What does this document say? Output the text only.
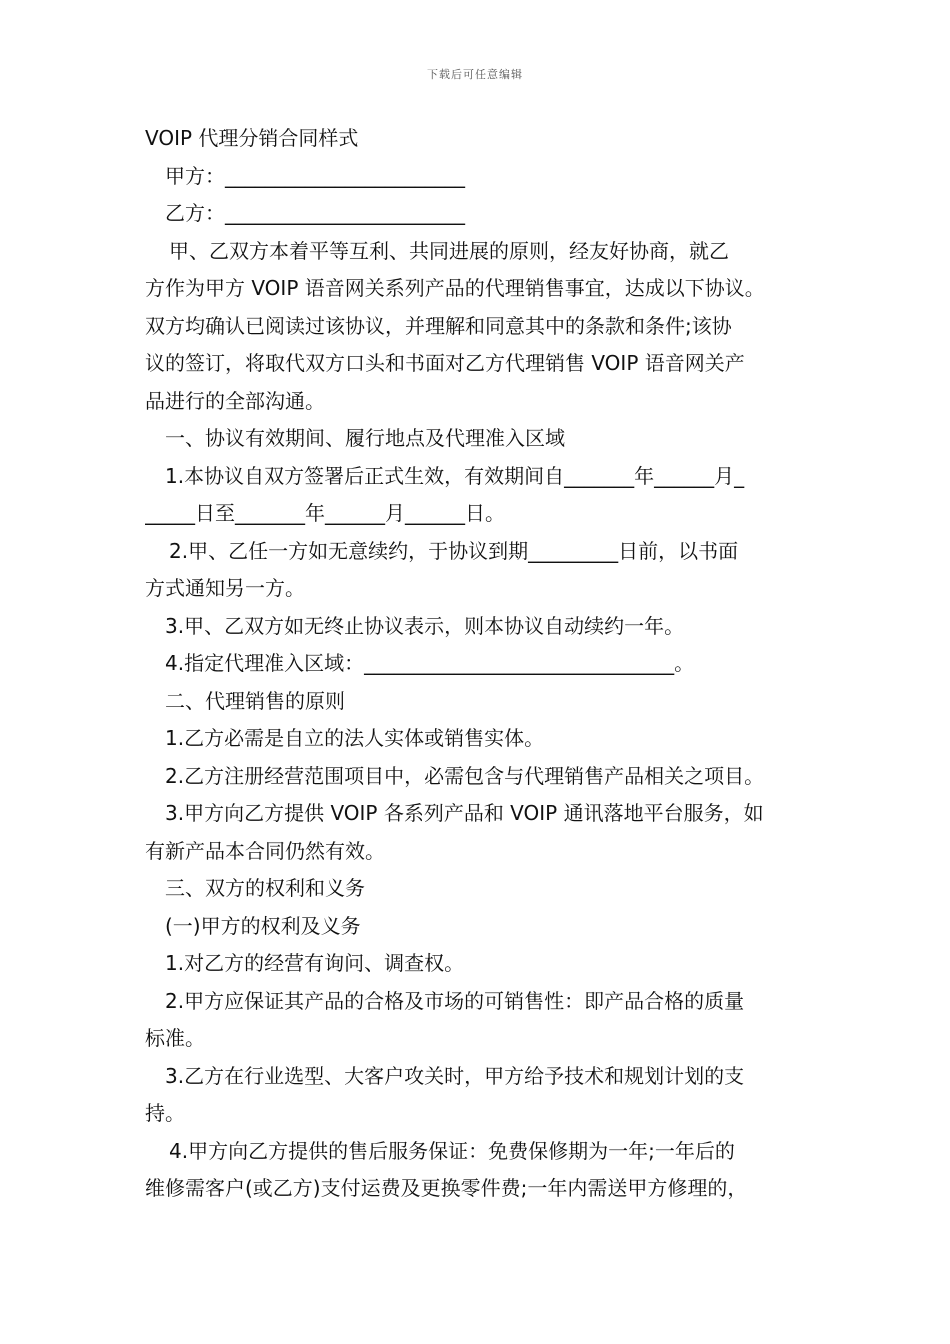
下载后可任意编辑
VOIP 代理分销合同样式
甲方：________________________
乙方：________________________
甲、乙双方本着平等互利、共同进展的原则，经友好协商，就乙
方作为甲方 VOIP 语音网关系列产品的代理销售事宜，达成以下协议。
双方均确认已阅读过该协议，并理解和同意其中的条款和条件;该协
议的签订，将取代双方口头和书面对乙方代理销售 VOIP 语音网关产
品进行的全部沟通。
一、协议有效期间、履行地点及代理准入区域
1.本协议自双方签署后正式生效，有效期间自_______年______月_
_____日至_______年______月______日。
2.甲、乙任一方如无意续约，于协议到期_________日前，以书面
方式通知另一方。
3.甲、乙双方如无终止协议表示，则本协议自动续约一年。
4.指定代理准入区域：_______________________________。
二、代理销售的原则
1.乙方必需是自立的法人实体或销售实体。
2.乙方注册经营范围项目中，必需包含与代理销售产品相关之项目。
3.甲方向乙方提供 VOIP 各系列产品和 VOIP 通讯落地平台服务，如
有新产品本合同仍然有效。
三、双方的权利和义务
(一)甲方的权利及义务
1.对乙方的经营有询问、调查权。
2.甲方应保证其产品的合格及市场的可销售性：即产品合格的质量
标准。
3.乙方在行业选型、大客户攻关时，甲方给予技术和规划计划的支
持。
4.甲方向乙方提供的售后服务保证：免费保修期为一年;一年后的
维修需客户(或乙方)支付运费及更换零件费;一年内需送甲方修理的，
